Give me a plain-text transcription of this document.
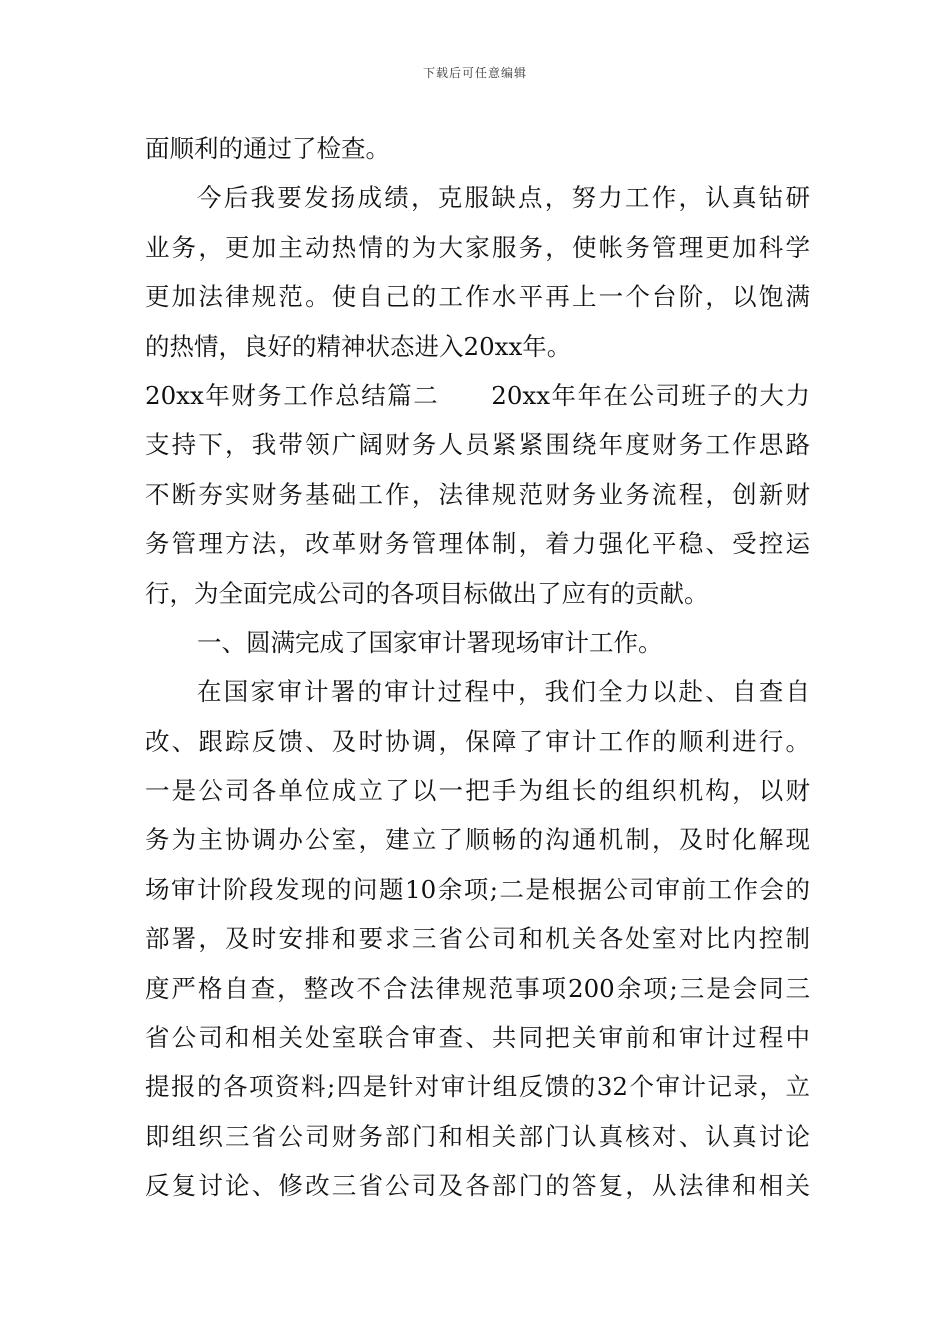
下载后可任意编辑
面顺利的通过了检查。
今后我要发扬成绩，克服缺点，努力工作，认真钻研
业务，更加主动热情的为大家服务，使帐务管理更加科学
更加法律规范。使自己的工作水平再上一个台阶，以饱满
的热情，良好的精神状态进入20xx年。
20xx年财务工作总结篇二　　20xx年年在公司班子的大力
支持下，我带领广阔财务人员紧紧围绕年度财务工作思路
不断夯实财务基础工作，法律规范财务业务流程，创新财
务管理方法，改革财务管理体制，着力强化平稳、受控运
行，为全面完成公司的各项目标做出了应有的贡献。
一、圆满完成了国家审计署现场审计工作。
在国家审计署的审计过程中，我们全力以赴、自查自
改、跟踪反馈、及时协调，保障了审计工作的顺利进行。
一是公司各单位成立了以一把手为组长的组织机构，以财
务为主协调办公室，建立了顺畅的沟通机制，及时化解现
场审计阶段发现的问题10余项;二是根据公司审前工作会的
部署，及时安排和要求三省公司和机关各处室对比内控制
度严格自查，整改不合法律规范事项200余项;三是会同三
省公司和相关处室联合审查、共同把关审前和审计过程中
提报的各项资料;四是针对审计组反馈的32个审计记录，立
即组织三省公司财务部门和相关部门认真核对、认真讨论
反复讨论、修改三省公司及各部门的答复，从法律和相关
